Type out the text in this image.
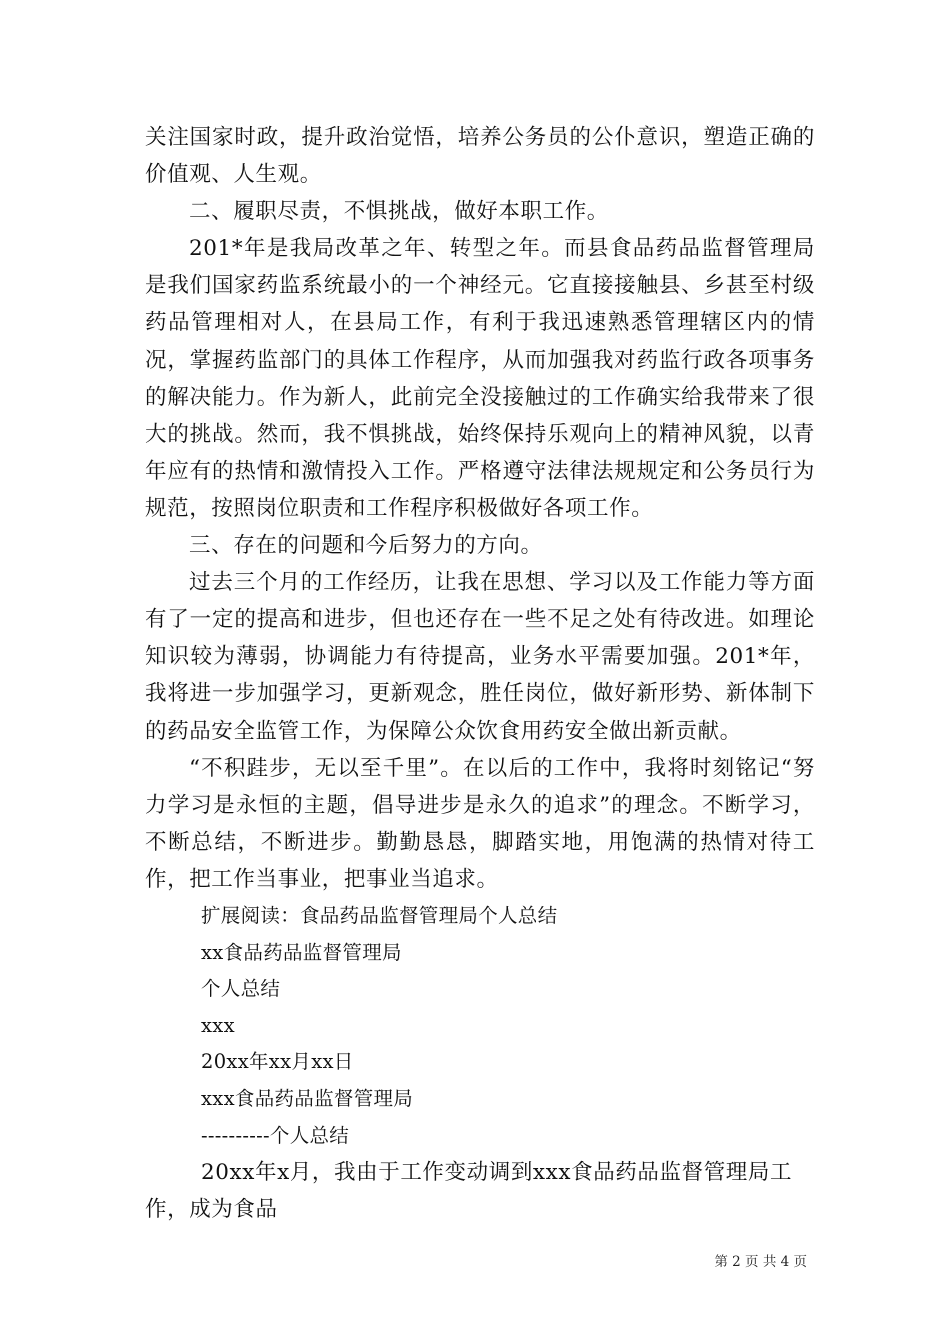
关注国家时政，提升政治觉悟，培养公务员的公仆意识，塑造正确的价值观、人生观。

二、履职尽责，不惧挑战，做好本职工作。

201*年是我局改革之年、转型之年。而县食品药品监督管理局是我们国家药监系统最小的一个神经元。它直接接触县、乡甚至村级药品管理相对人，在县局工作，有利于我迅速熟悉管理辖区内的情况，掌握药监部门的具体工作程序，从而加强我对药监行政各项事务的解决能力。作为新人，此前完全没接触过的工作确实给我带来了很大的挑战。然而，我不惧挑战，始终保持乐观向上的精神风貌，以青年应有的热情和激情投入工作。严格遵守法律法规规定和公务员行为规范，按照岗位职责和工作程序积极做好各项工作。

三、存在的问题和今后努力的方向。

过去三个月的工作经历，让我在思想、学习以及工作能力等方面有了一定的提高和进步，但也还存在一些不足之处有待改进。如理论知识较为薄弱，协调能力有待提高，业务水平需要加强。201*年，我将进一步加强学习，更新观念，胜任岗位，做好新形势、新体制下的药品安全监管工作，为保障公众饮食用药安全做出新贡献。

“不积跬步，无以至千里”。在以后的工作中，我将时刻铭记“努力学习是永恒的主题，倡导进步是永久的追求”的理念。不断学习，不断总结，不断进步。勤勤恳恳，脚踏实地，用饱满的热情对待工作，把工作当事业，把事业当追求。

扩展阅读：食品药品监督管理局个人总结

xx食品药品监督管理局

个人总结

xxx

20xx年xx月xx日

xxx食品药品监督管理局

----------个人总结

20xx年x月，我由于工作变动调到xxx食品药品监督管理局工作，成为食品

第 2 页 共 4 页
